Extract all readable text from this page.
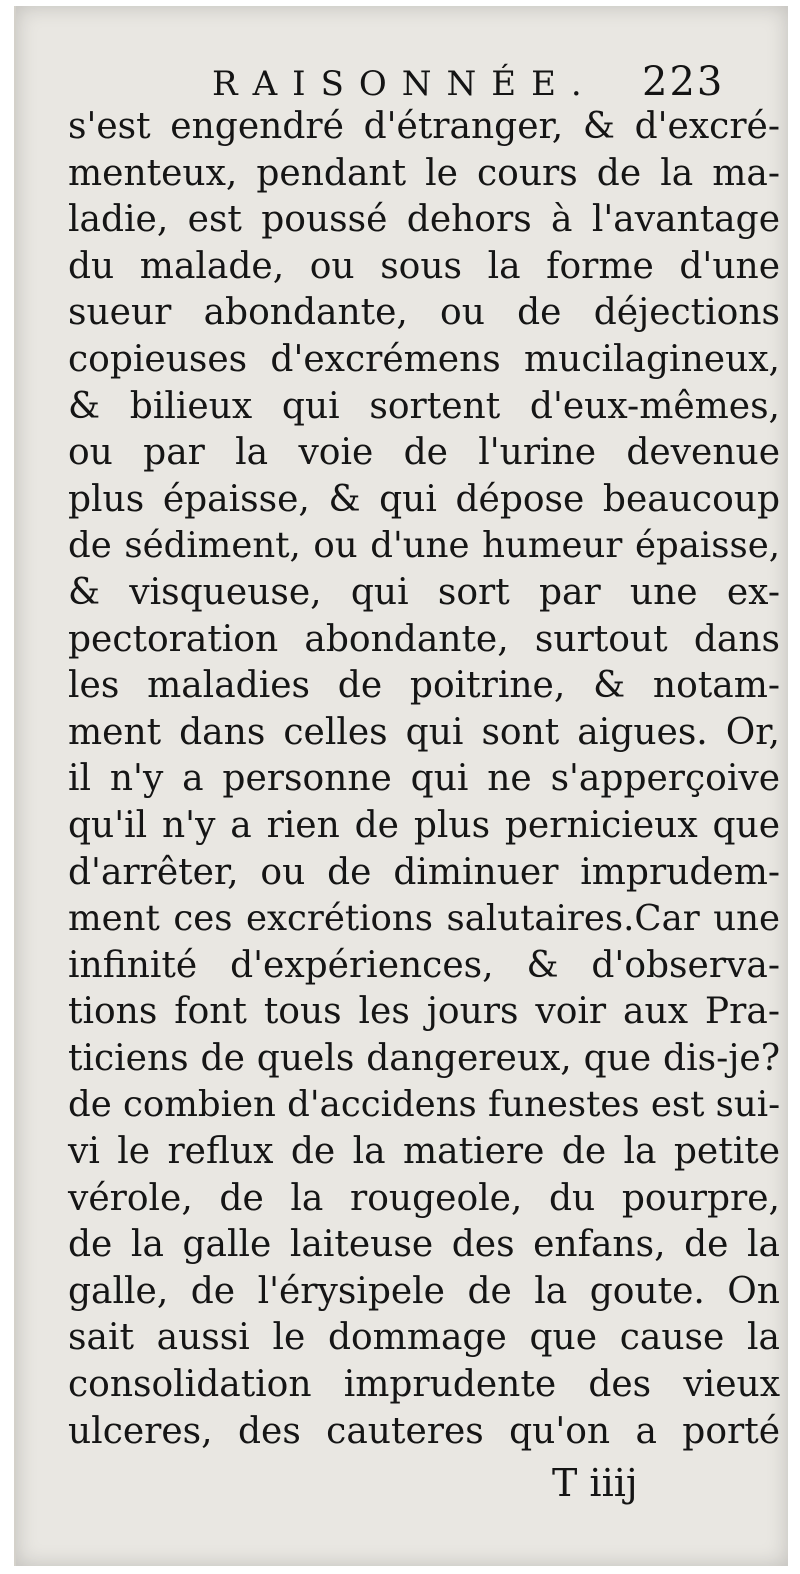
RAISONNÉE. 223
s'est engendré d'étranger, & d'excré-
menteux, pendant le cours de la ma-
ladie, est poussé dehors à l'avantage
du malade, ou sous la forme d'une
sueur abondante, ou de déjections
copieuses d'excrémens mucilagineux,
& bilieux qui sortent d'eux-mêmes,
ou par la voie de l'urine devenue
plus épaisse, & qui dépose beaucoup
de sédiment, ou d'une humeur épaisse,
& visqueuse, qui sort par une ex-
pectoration abondante, surtout dans
les maladies de poitrine, & notam-
ment dans celles qui sont aigues. Or,
il n'y a personne qui ne s'apperçoive
qu'il n'y a rien de plus pernicieux que
d'arrêter, ou de diminuer imprudem-
ment ces excrétions salutaires.Car une
infinité d'expériences, & d'observa-
tions font tous les jours voir aux Pra-
ticiens de quels dangereux, que dis-je?
de combien d'accidens funestes est sui-
vi le reflux de la matiere de la petite
vérole, de la rougeole, du pourpre,
de la galle laiteuse des enfans, de la
galle, de l'érysipele de la goute. On
sait aussi le dommage que cause la
consolidation imprudente des vieux
ulceres, des cauteres qu'on a porté
T iiij
